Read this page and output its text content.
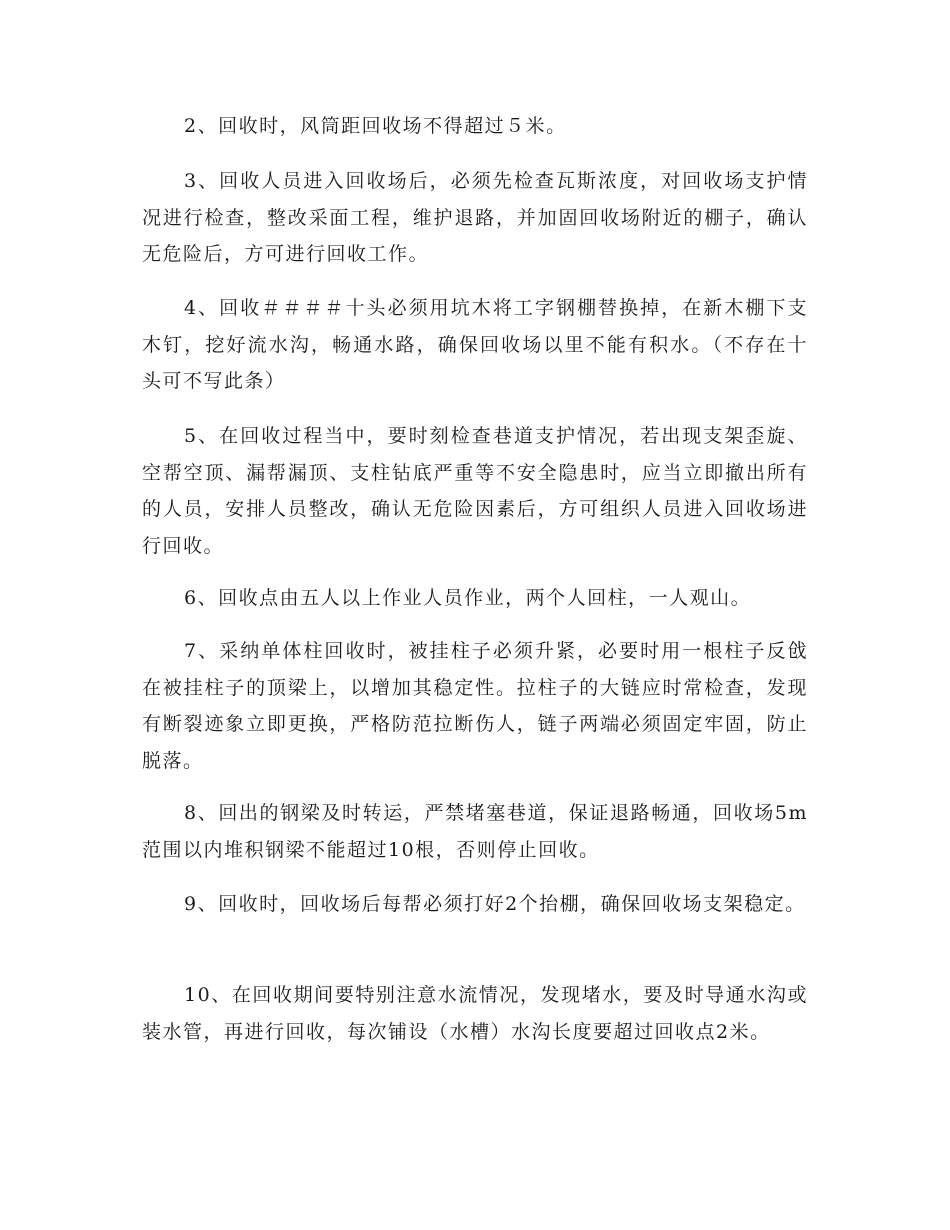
2、回收时，风筒距回收场不得超过５米。

3、回收人员进入回收场后，必须先检查瓦斯浓度，对回收场支护情况进行检查，整改采面工程，维护退路，并加固回收场附近的棚子，确认无危险后，方可进行回收工作。

4、回收＃＃＃＃十头必须用坑木将工字钢棚替换掉，在新木棚下支木钉，挖好流水沟，畅通水路，确保回收场以里不能有积水。（不存在十头可不写此条）

5、在回收过程当中，要时刻检查巷道支护情况，若出现支架歪旋、空帮空顶、漏帮漏顶、支柱钻底严重等不安全隐患时，应当立即撤出所有的人员，安排人员整改，确认无危险因素后，方可组织人员进入回收场进行回收。

6、回收点由五人以上作业人员作业，两个人回柱，一人观山。

7、采纳单体柱回收时，被挂柱子必须升紧，必要时用一根柱子反戗在被挂柱子的顶梁上，以增加其稳定性。拉柱子的大链应时常检查，发现有断裂迹象立即更换，严格防范拉断伤人，链子两端必须固定牢固，防止脱落。

8、回出的钢梁及时转运，严禁堵塞巷道，保证退路畅通，回收场5m范围以内堆积钢梁不能超过10根，否则停止回收。

9、回收时，回收场后每帮必须打好2个抬棚，确保回收场支架稳定。

10、在回收期间要特别注意水流情况，发现堵水，要及时导通水沟或装水管，再进行回收，每次铺设（水槽）水沟长度要超过回收点2米。
